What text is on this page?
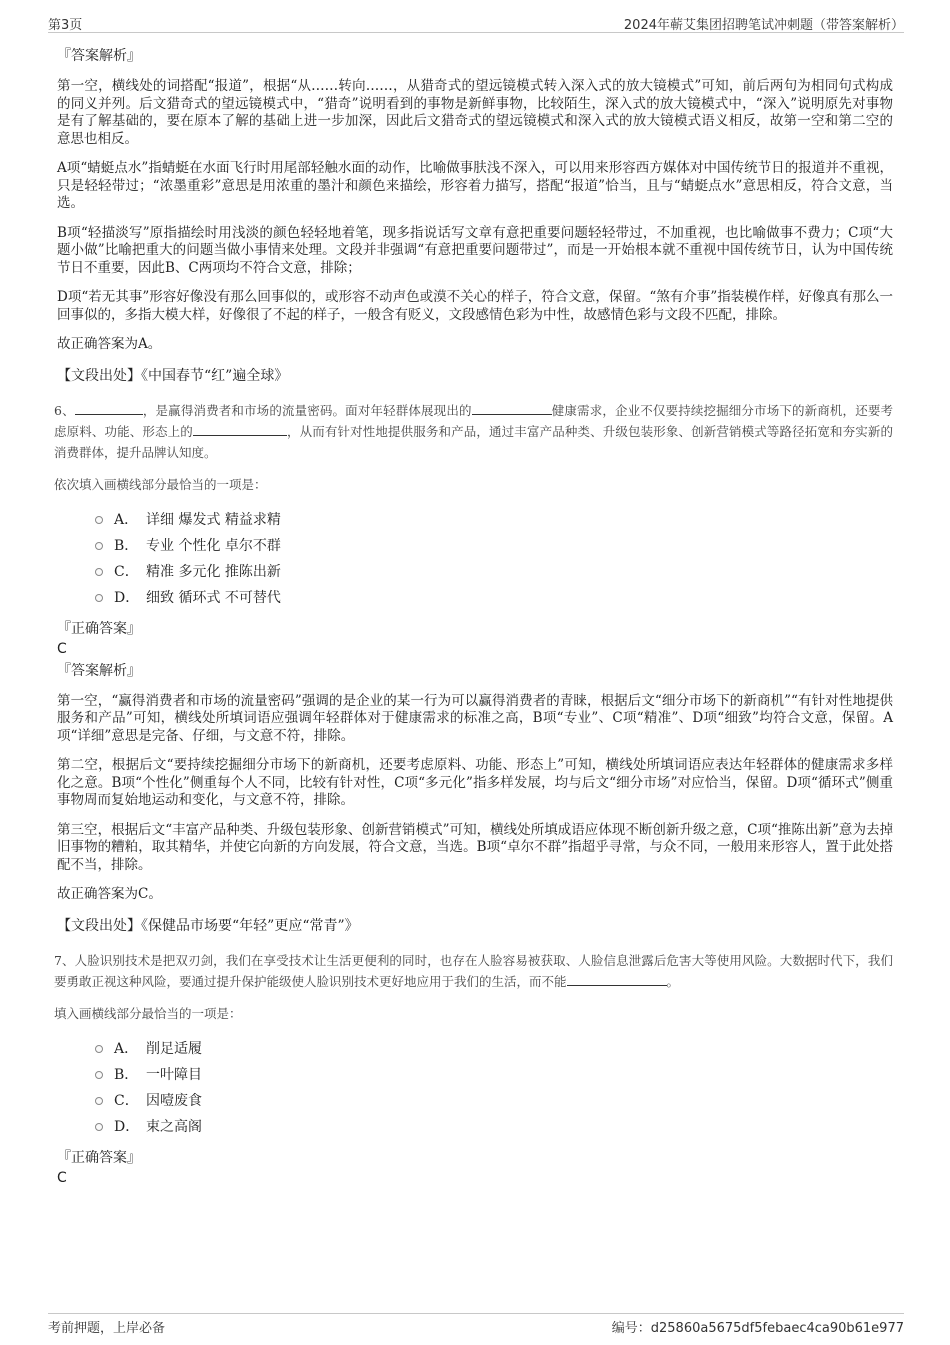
第3页	2024年蕲艾集团招聘笔试冲刺题（带答案解析）

『答案解析』

第一空，横线处的词搭配“报道”，根据“从……转向……，从猎奇式的望远镜模式转入深入式的放大镜模式”可知，前后两句为相同句式构成的同义并列。后文猎奇式的望远镜模式中，“猎奇”说明看到的事物是新鲜事物，比较陌生，深入式的放大镜模式中，“深入”说明原先对事物是有了解基础的，要在原本了解的基础上进一步加深，因此后文猎奇式的望远镜模式和深入式的放大镜模式语义相反，故第一空和第二空的意思也相反。

A项“蜻蜓点水”指蜻蜓在水面飞行时用尾部轻触水面的动作，比喻做事肤浅不深入，可以用来形容西方媒体对中国传统节日的报道并不重视，只是轻轻带过；“浓墨重彩”意思是用浓重的墨汁和颜色来描绘，形容着力描写，搭配“报道”恰当，且与“蜻蜓点水”意思相反，符合文意，当选。

B项“轻描淡写”原指描绘时用浅淡的颜色轻轻地着笔，现多指说话写文章有意把重要问题轻轻带过，不加重视，也比喻做事不费力；C项“大题小做”比喻把重大的问题当做小事情来处理。文段并非强调“有意把重要问题带过”，而是一开始根本就不重视中国传统节日，认为中国传统节日不重要，因此B、C两项均不符合文意，排除；

D项“若无其事”形容好像没有那么回事似的，或形容不动声色或漠不关心的样子，符合文意，保留。“煞有介事”指装模作样，好像真有那么一回事似的，多指大模大样，好像很了不起的样子，一般含有贬义，文段感情色彩为中性，故感情色彩与文段不匹配，排除。

故正确答案为A。

【文段出处】《中国春节“红”遍全球》

6、	，是赢得消费者和市场的流量密码。面对年轻群体展现出的	健康需求，企业不仅要持续挖掘细分市场下的新商机，还要考虑原料、功能、形态上的	，从而有针对性地提供服务和产品，通过丰富产品种类、升级包装形象、创新营销模式等路径拓宽和夯实新的消费群体，提升品牌认知度。

依次填入画横线部分最恰当的一项是：

A． 详细 爆发式 精益求精
B． 专业 个性化 卓尔不群
C． 精准 多元化 推陈出新
D． 细致 循环式 不可替代

『正确答案』

C

『答案解析』

第一空，“赢得消费者和市场的流量密码”强调的是企业的某一行为可以赢得消费者的青睐，根据后文“细分市场下的新商机”“有针对性地提供服务和产品”可知，横线处所填词语应强调年轻群体对于健康需求的标准之高，B项“专业”、C项“精准”、D项“细致”均符合文意，保留。A项“详细”意思是完备、仔细，与文意不符，排除。

第二空，根据后文“要持续挖掘细分市场下的新商机，还要考虑原料、功能、形态上”可知，横线处所填词语应表达年轻群体的健康需求多样化之意。B项“个性化”侧重每个人不同，比较有针对性，C项“多元化”指多样发展，均与后文“细分市场”对应恰当，保留。D项“循环式”侧重事物周而复始地运动和变化，与文意不符，排除。

第三空，根据后文“丰富产品种类、升级包装形象、创新营销模式”可知，横线处所填成语应体现不断创新升级之意，C项“推陈出新”意为去掉旧事物的糟粕，取其精华，并使它向新的方向发展，符合文意，当选。B项“卓尔不群”指超乎寻常，与众不同，一般用来形容人，置于此处搭配不当，排除。

故正确答案为C。

【文段出处】《保健品市场要“年轻”更应“常青”》

7、人脸识别技术是把双刃剑，我们在享受技术让生活更便利的同时，也存在人脸容易被获取、人脸信息泄露后危害大等使用风险。大数据时代下，我们要勇敢正视这种风险，要通过提升保护能级使人脸识别技术更好地应用于我们的生活，而不能	。

填入画横线部分最恰当的一项是：

A． 削足适履
B． 一叶障目
C． 因噎废食
D． 束之高阁

『正确答案』

C

考前押题，上岸必备	编号：d25860a5675df5febaec4ca90b61e977
